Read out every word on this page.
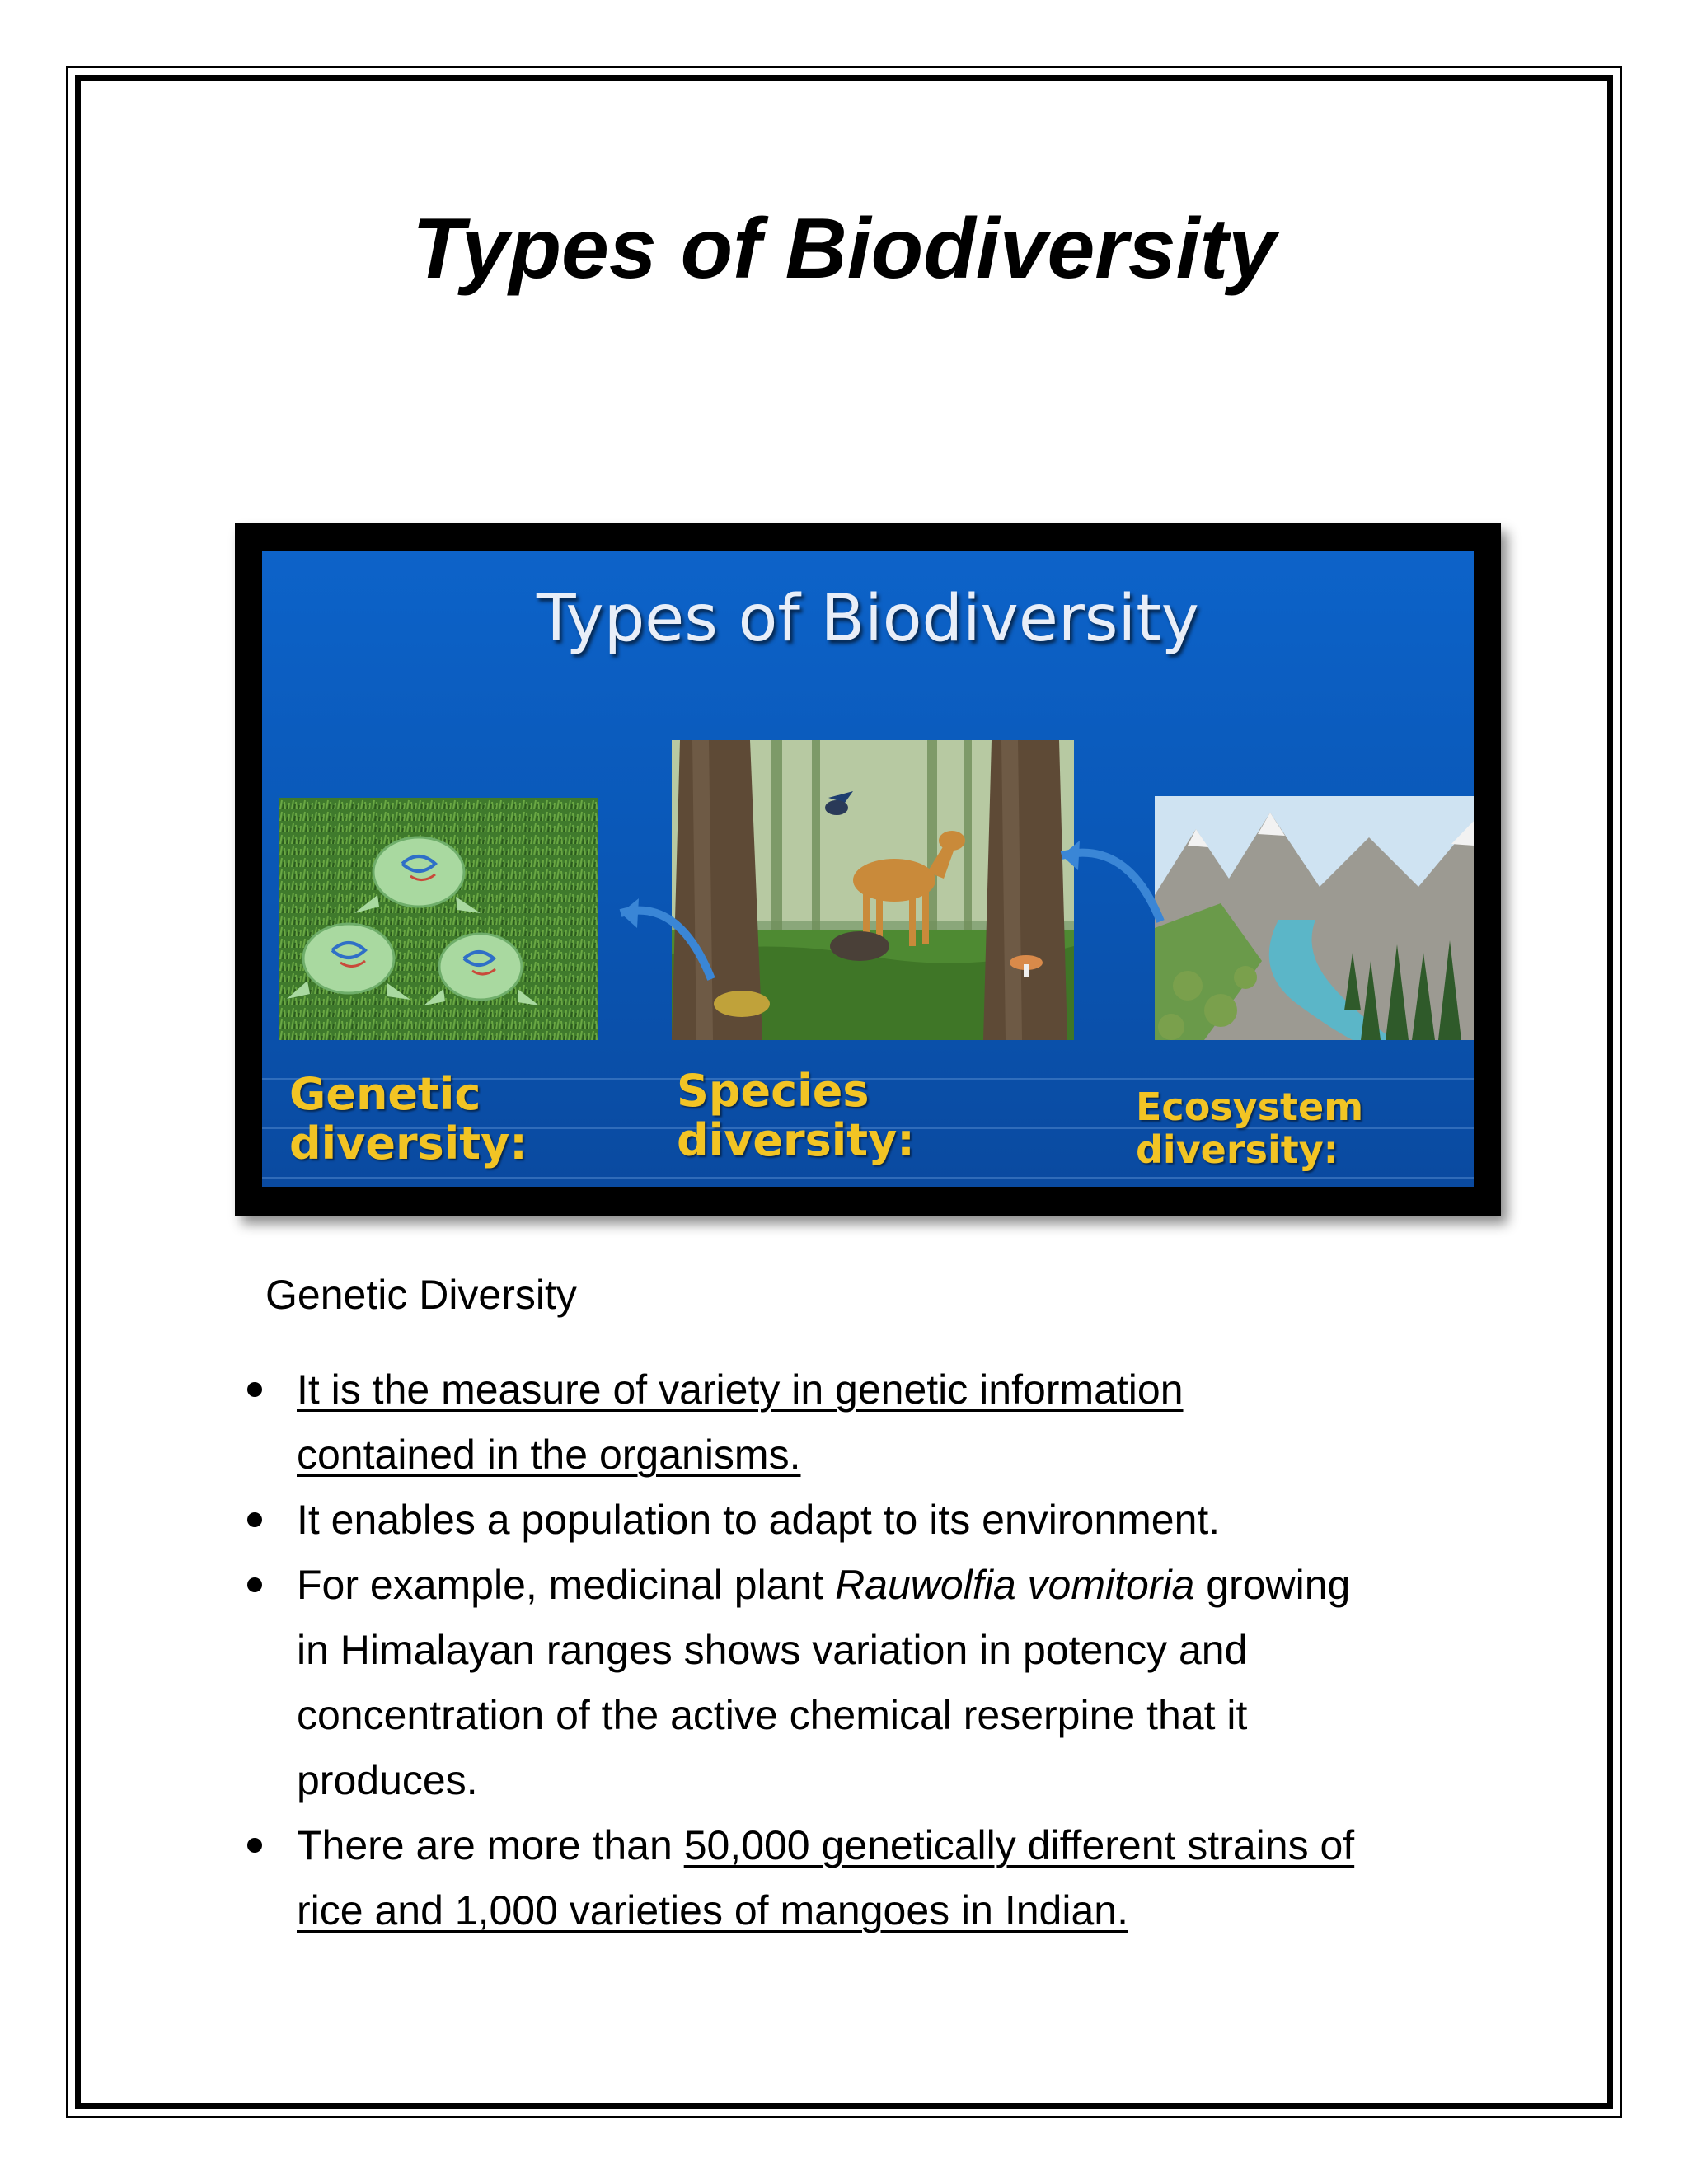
Types of Biodiversity
Types of Biodiversity
Genetic
diversity:
Species
diversity:
Ecosystem
diversity:
Genetic Diversity
It is the measure of variety in genetic information
contained in the organisms.
It enables a population to adapt to its environment.
For example, medicinal plant Rauwolfia vomitoria growing
in Himalayan ranges shows variation in potency and
concentration of the active chemical reserpine that it
produces.
There are more than 50,000 genetically different strains of
rice and 1,000 varieties of mangoes in Indian.
